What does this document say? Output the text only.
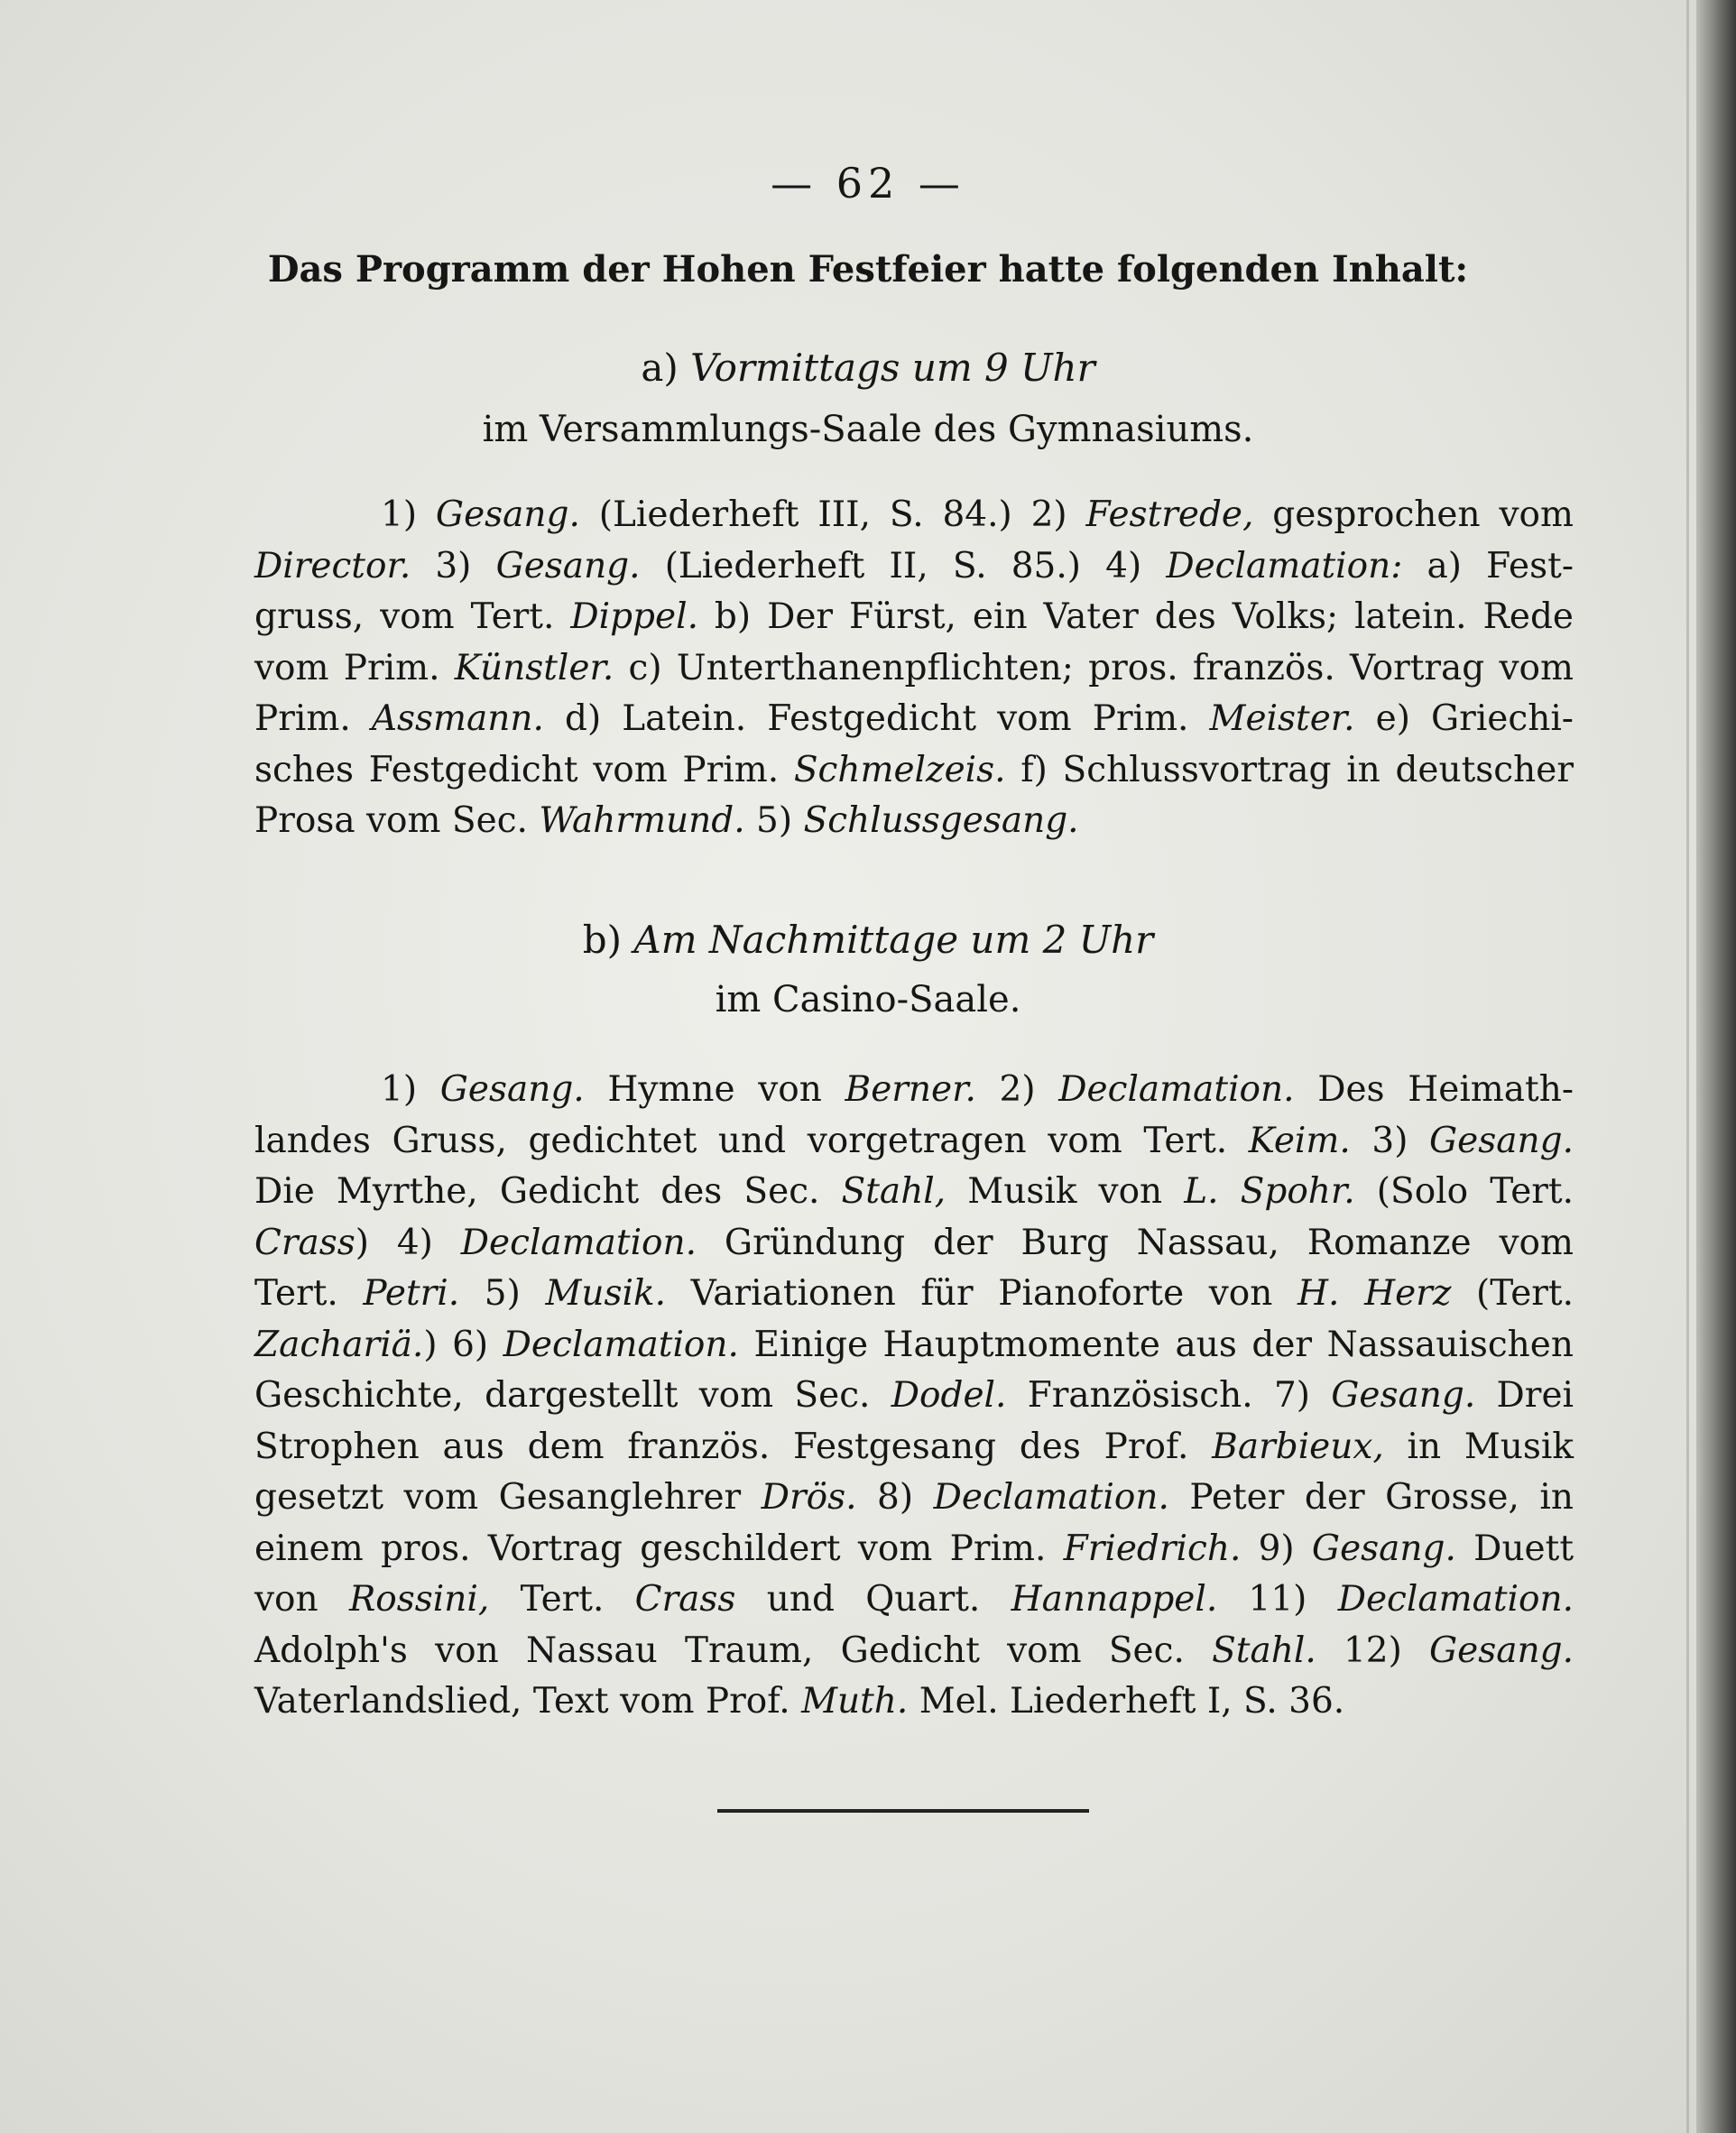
— 62 —
Das Programm der Hohen Festfeier hatte folgenden Inhalt:
a) Vormittags um 9 Uhr
im Versammlungs-Saale des Gymnasiums.
1) Gesang. (Liederheft III, S. 84.) 2) Festrede, gesprochen vom
Director. 3) Gesang. (Liederheft II, S. 85.) 4) Declamation: a) Fest-
gruss, vom Tert. Dippel. b) Der Fürst, ein Vater des Volks; latein. Rede
vom Prim. Künstler. c) Unterthanenpflichten; pros. französ. Vortrag vom
Prim. Assmann. d) Latein. Festgedicht vom Prim. Meister. e) Griechi-
sches Festgedicht vom Prim. Schmelzeis. f) Schlussvortrag in deutscher
Prosa vom Sec. Wahrmund. 5) Schlussgesang.
b) Am Nachmittage um 2 Uhr
im Casino-Saale.
1) Gesang. Hymne von Berner. 2) Declamation. Des Heimath-
landes Gruss, gedichtet und vorgetragen vom Tert. Keim. 3) Gesang.
Die Myrthe, Gedicht des Sec. Stahl, Musik von L. Spohr. (Solo Tert.
Crass) 4) Declamation. Gründung der Burg Nassau, Romanze vom
Tert. Petri. 5) Musik. Variationen für Pianoforte von H. Herz (Tert.
Zachariä.) 6) Declamation. Einige Hauptmomente aus der Nassauischen
Geschichte, dargestellt vom Sec. Dodel. Französisch. 7) Gesang. Drei
Strophen aus dem französ. Festgesang des Prof. Barbieux, in Musik
gesetzt vom Gesanglehrer Drös. 8) Declamation. Peter der Grosse, in
einem pros. Vortrag geschildert vom Prim. Friedrich. 9) Gesang. Duett
von Rossini, Tert. Crass und Quart. Hannappel. 11) Declamation.
Adolph's von Nassau Traum, Gedicht vom Sec. Stahl. 12) Gesang.
Vaterlandslied, Text vom Prof. Muth. Mel. Liederheft I, S. 36.
